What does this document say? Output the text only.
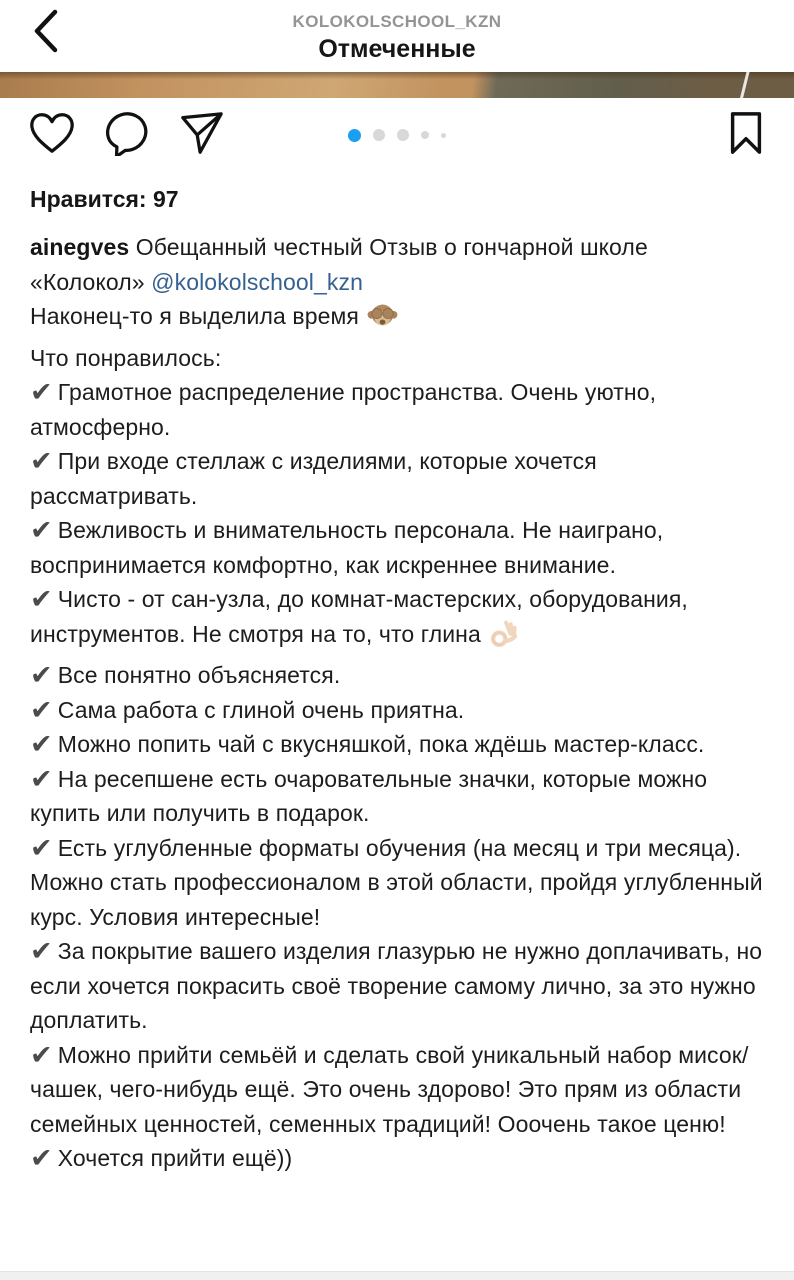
KOLOKOLSCHOOL_KZN
Отмеченные

Нравится: 97

ainegves Обещанный честный Отзыв о гончарной школе «Колокол» @kolokolschool_kzn

Наконец-то я выделила время

Что понравилось:

✔ Грамотное распределение пространства. Очень уютно, атмосферно.

✔ При входе стеллаж с изделиями, которые хочется рассматривать.

✔ Вежливость и внимательность персонала. Не наиграно, воспринимается комфортно, как искреннее внимание.

✔ Чисто - от сан-узла, до комнат-мастерских, оборудования, инструментов. Не смотря на то, что глина

✔ Все понятно объясняется.

✔ Сама работа с глиной очень приятна.

✔ Можно попить чай с вкусняшкой, пока ждёшь мастер-класс.

✔ На ресепшене есть очаровательные значки, которые можно купить или получить в подарок.

✔ Есть углубленные форматы обучения (на месяц и три месяца). Можно стать профессионалом в этой области, пройдя углубленный курс. Условия интересные!

✔ За покрытие вашего изделия глазурью не нужно доплачивать, но если хочется покрасить своё творение самому лично, за это нужно доплатить.

✔ Можно прийти семьёй и сделать свой уникальный набор мисок/чашек, чего-нибудь ещё. Это очень здорово! Это прям из области семейных ценностей, семенных традиций! Ооочень такое ценю!

✔ Хочется прийти ещё))
